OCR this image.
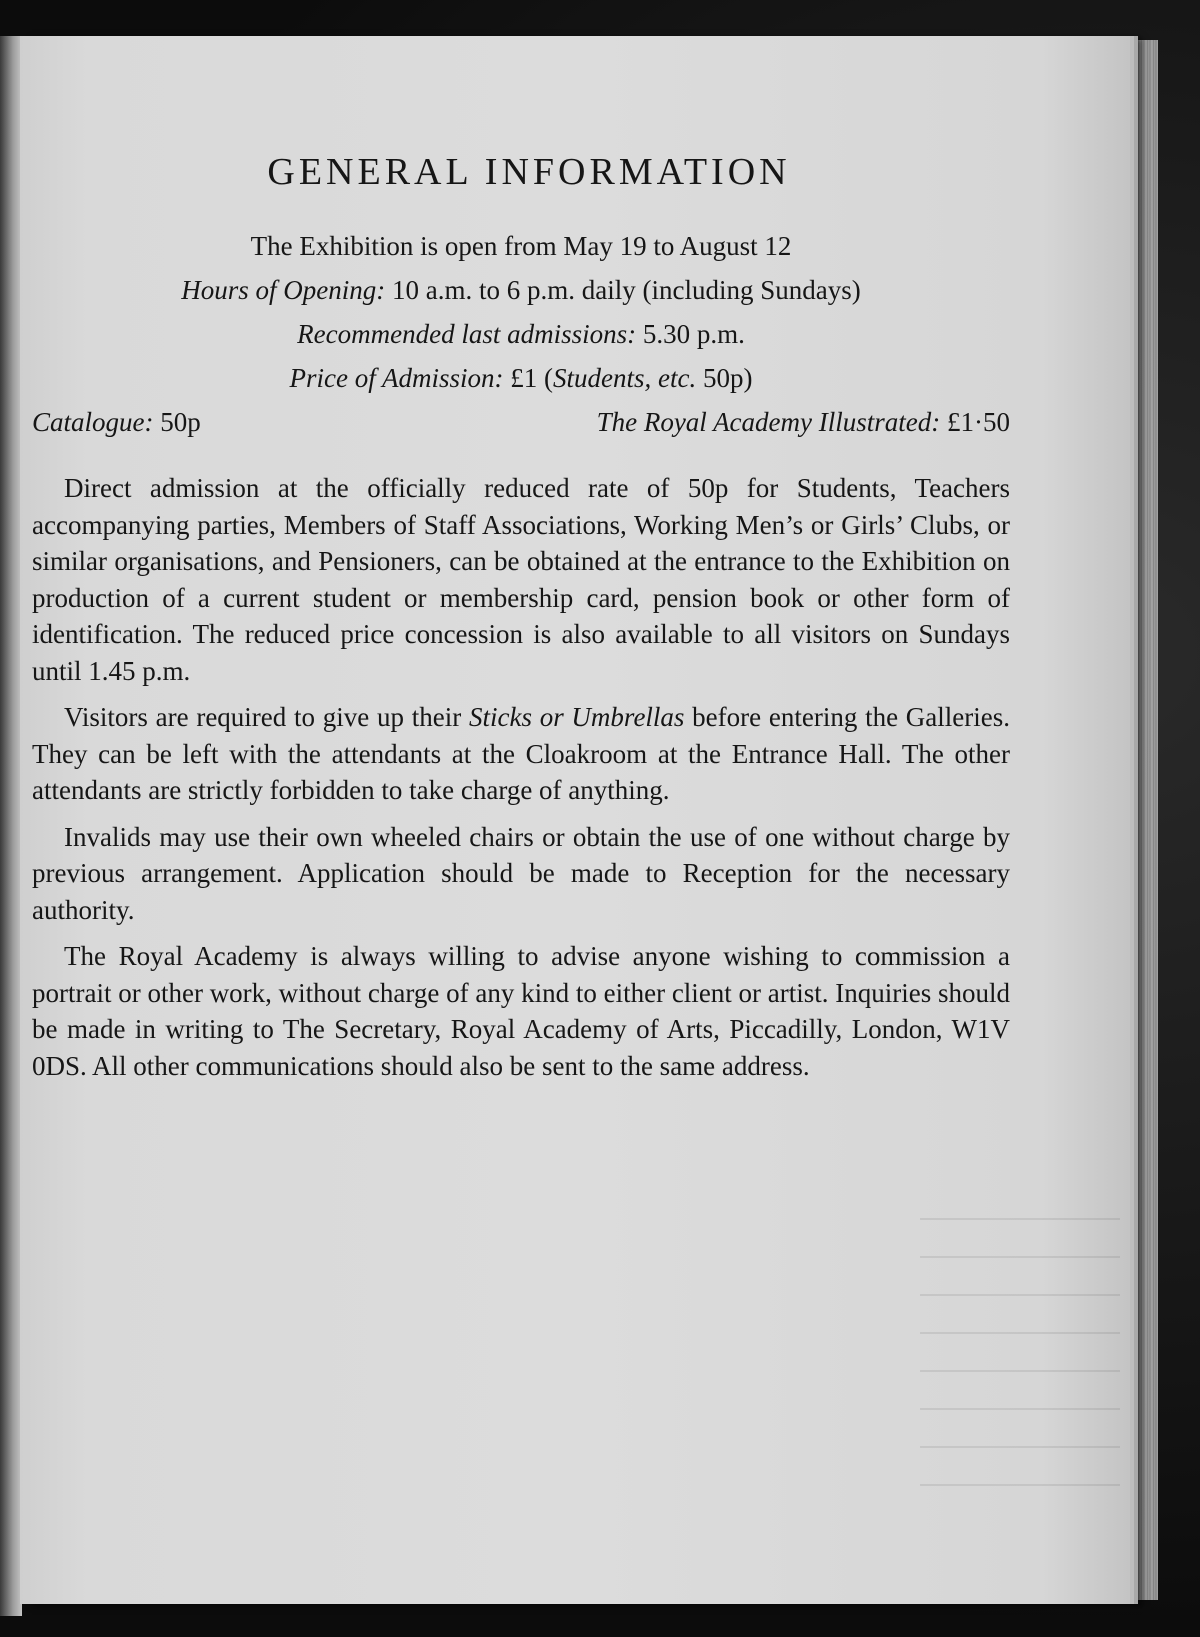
GENERAL INFORMATION

The Exhibition is open from May 19 to August 12

Hours of Opening: 10 a.m. to 6 p.m. daily (including Sundays)

Recommended last admissions: 5.30 p.m.

Price of Admission: £1 (Students, etc. 50p)

Catalogue: 50p	The Royal Academy Illustrated: £1·50

Direct admission at the officially reduced rate of 50p for Students, Teachers accompanying parties, Members of Staff Associations, Working Men’s or Girls’ Clubs, or similar organisations, and Pensioners, can be obtained at the entrance to the Exhibition on production of a current student or membership card, pension book or other form of identification. The reduced price concession is also available to all visitors on Sundays until 1.45 p.m.

Visitors are required to give up their Sticks or Umbrellas before entering the Galleries. They can be left with the attendants at the Cloakroom at the Entrance Hall. The other attendants are strictly forbidden to take charge of anything.

Invalids may use their own wheeled chairs or obtain the use of one without charge by previous arrangement. Application should be made to Reception for the necessary authority.

The Royal Academy is always willing to advise anyone wishing to commission a portrait or other work, without charge of any kind to either client or artist. Inquiries should be made in writing to The Secretary, Royal Academy of Arts, Piccadilly, London, W1V 0DS. All other communications should also be sent to the same address.
